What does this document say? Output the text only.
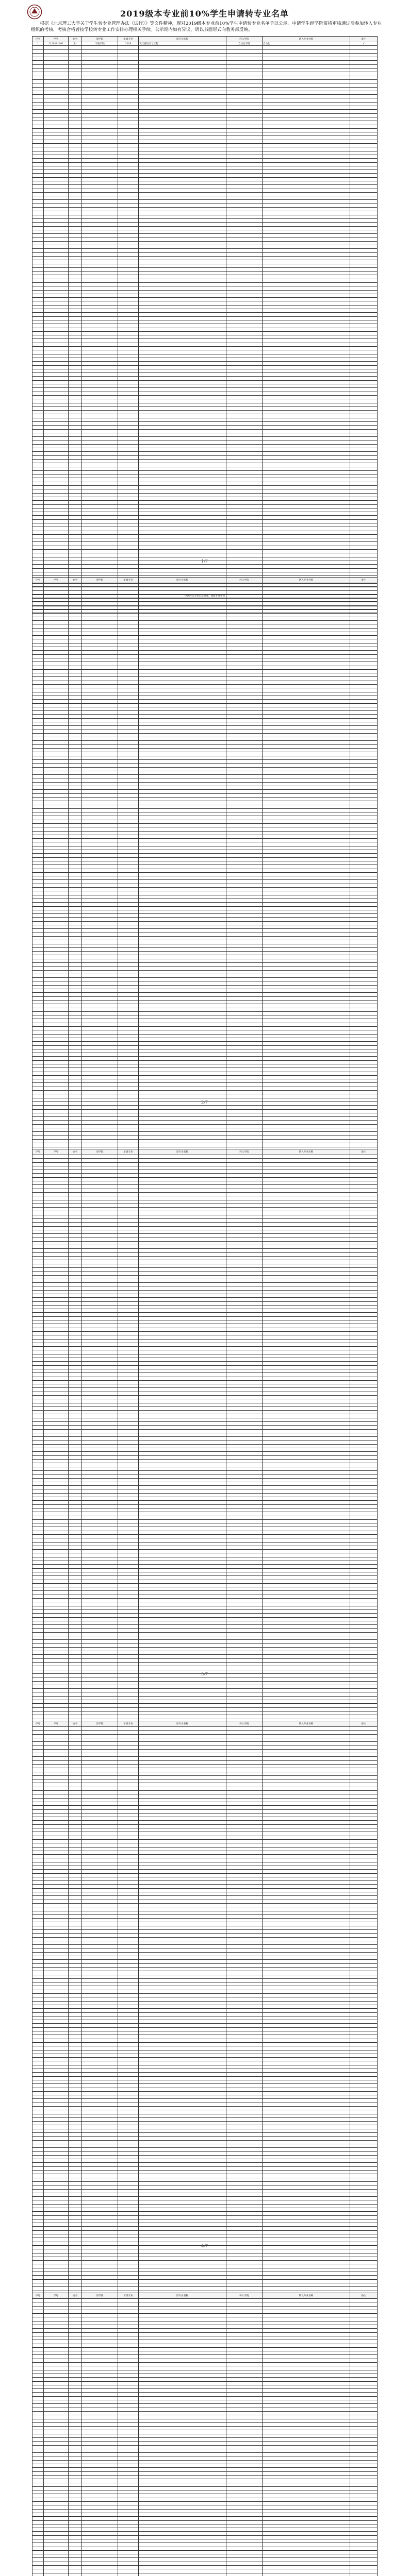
2019级本专业前10%学生申请转专业名单
根据《北京理工大学关于学生转专业管理办法（试行）》等文件精神，现对2019级本专业前10%学生申请转专业名单予以公示。申请学生经学院资格审核通过后参加转入专业组织的考核，考核合格者按学校转专业工作安排办理相关手续。公示期内如有异议，请以书面形式向教务部反映。
序号	学号	姓名	原学院	年级专业	原专业名称	转入学院	转入专业名称	备注
1	1120191001	王*	宇航学院	2019	飞行器设计与工程	自动化学院	自动化	√

1/7
序号	学号	姓名	原学院	年级专业	原专业名称	转入学院	转入专业名称	备注

申请转入专业未获批准，回原专业学习								

2/7
序号	学号	姓名	原学院	年级专业	原专业名称	转入学院	转入专业名称	备注

3/7
序号	学号	姓名	原学院	年级专业	原专业名称	转入学院	转入专业名称	备注

4/7
序号	学号	姓名	原学院	年级专业	原专业名称	转入学院	转入专业名称	备注
